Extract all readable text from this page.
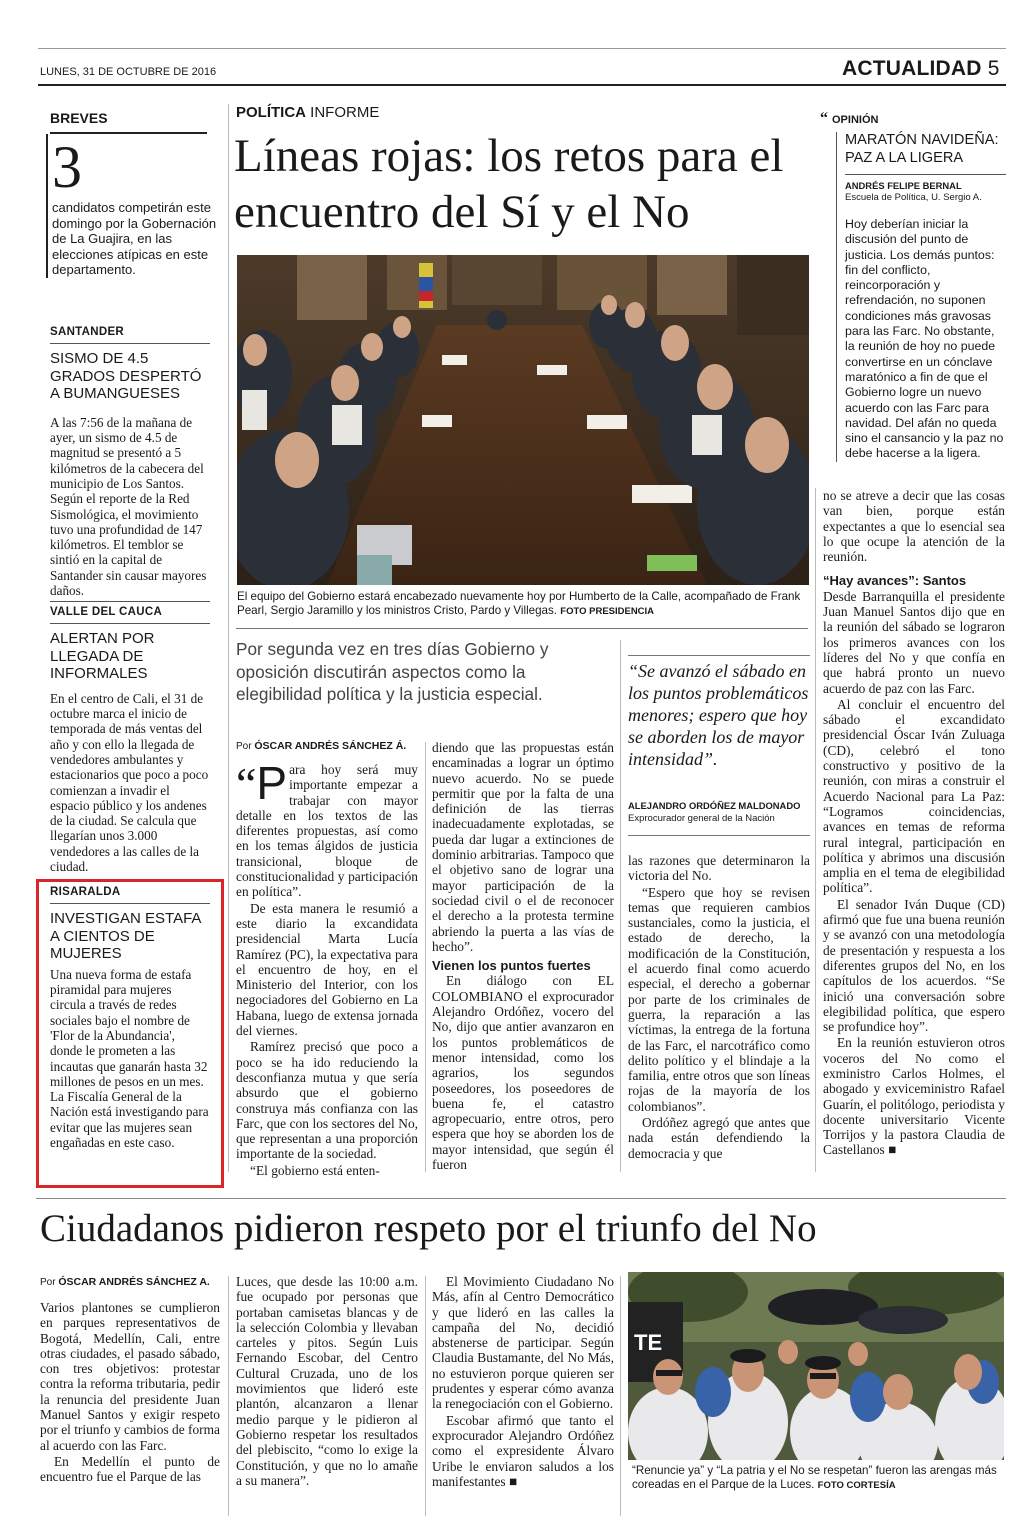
LUNES, 31 DE OCTUBRE DE 2016	ACTUALIDAD 5
BREVES
3
candidatos competirán este domingo por la Gobernación de La Guajira, en las elecciones atípicas en este departamento.
SANTANDER
SISMO DE 4.5 GRADOS DESPERTÓ A BUMANGUESES
A las 7:56 de la mañana de ayer, un sismo de 4.5 de magnitud se presentó a 5 kilómetros de la cabecera del municipio de Los Santos. Según el reporte de la Red Sismológica, el movimiento tuvo una profundidad de 147 kilómetros. El temblor se sintió en la capital de Santander sin causar mayores daños.
VALLE DEL CAUCA
ALERTAN POR LLEGADA DE INFORMALES
En el centro de Cali, el 31 de octubre marca el inicio de temporada de más ventas del año y con ello la llegada de vendedores ambulantes y estacionarios que poco a poco comienzan a invadir el espacio público y los andenes de la ciudad. Se calcula que llegarían unos 3.000 vendedores a las calles de la ciudad.
RISARALDA
INVESTIGAN ESTAFA A CIENTOS DE MUJERES
Una nueva forma de estafa piramidal para mujeres circula a través de redes sociales bajo el nombre de 'Flor de la Abundancia', donde le prometen a las incautas que ganarán hasta 32 millones de pesos en un mes. La Fiscalía General de la Nación está investigando para evitar que las mujeres sean engañadas en este caso.
POLÍTICA INFORME
Líneas rojas: los retos para el encuentro del Sí y el No
El equipo del Gobierno estará encabezado nuevamente hoy por Humberto de la Calle, acompañado de Frank Pearl, Sergio Jaramillo y los ministros Cristo, Pardo y Villegas. FOTO PRESIDENCIA
Por segunda vez en tres días Gobierno y oposición discutirán aspectos como la elegibilidad política y la justicia especial.
Por ÓSCAR ANDRÉS SÁNCHEZ Á.
“P ara hoy será muy importante empezar a trabajar con mayor detalle en los textos de las diferentes propuestas, así como en los temas álgidos de justicia transicional, bloque de constitucionalidad y participación en política”.

De esta manera le resumió a este diario la excandidata presidencial Marta Lucía Ramírez (PC), la expectativa para el encuentro de hoy, en el Ministerio del Interior, con los negociadores del Gobierno en La Habana, luego de extensa jornada del viernes.

Ramírez precisó que poco a poco se ha ido reduciendo la desconfianza mutua y que sería absurdo que el gobierno construya más confianza con las Farc, que con los sectores del No, que representan a una proporción importante de la sociedad.

“El gobierno está enten-

diendo que las propuestas están encaminadas a lograr un óptimo nuevo acuerdo. No se puede permitir que por la falta de una definición de las tierras inadecuadamente explotadas, se pueda dar lugar a extinciones de dominio arbitrarias. Tampoco que el objetivo sano de lograr una mayor participación de la sociedad civil o el de reconocer el derecho a la protesta termine abriendo la puerta a las vías de hecho”.

Vienen los puntos fuertes

En diálogo con EL COLOMBIANO el exprocurador Alejandro Ordóñez, vocero del No, dijo que antier avanzaron en los puntos problemáticos de menor intensidad, como los agrarios, los segundos poseedores, los poseedores de buena fe, el catastro agropecuario, entre otros, pero espera que hoy se aborden los de mayor intensidad, que según él fueron

“Se avanzó el sábado en los puntos problemáticos menores; espero que hoy se aborden los de mayor intensidad”.
ALEJANDRO ORDÓÑEZ MALDONADO
Exprocurador general de la Nación

las razones que determinaron la victoria del No.

“Espero que hoy se revisen temas que requieren cambios sustanciales, como la justicia, el estado de derecho, la modificación de la Constitución, el acuerdo final como acuerdo especial, el derecho a gobernar por parte de los criminales de guerra, la reparación a las víctimas, la entrega de la fortuna de las Farc, el narcotráfico como delito político y el blindaje a la familia, entre otros que son líneas rojas de la mayoría de los colombianos”.

Ordóñez agregó que antes que nada están defendiendo la democracia y que

“ OPINIÓN
MARATÓN NAVIDEÑA: PAZ A LA LIGERA
ANDRÉS FELIPE BERNAL
Escuela de Política, U. Sergio A.
Hoy deberían iniciar la discusión del punto de justicia. Los demás puntos: fin del conflicto, reincorporación y refrendación, no suponen condiciones más gravosas para las Farc. No obstante, la reunión de hoy no puede convertirse en un cónclave maratónico a fin de que el Gobierno logre un nuevo acuerdo con las Farc para navidad. Del afán no queda sino el cansancio y la paz no debe hacerse a la ligera.

no se atreve a decir que las cosas van bien, porque están expectantes a que lo esencial sea lo que ocupe la atención de la reunión.

“Hay avances”: Santos

Desde Barranquilla el presidente Juan Manuel Santos dijo que en la reunión del sábado se lograron los primeros avances con los líderes del No y que confía en que habrá pronto un nuevo acuerdo de paz con las Farc.

Al concluir el encuentro del sábado el excandidato presidencial Óscar Iván Zuluaga (CD), celebró el tono constructivo y positivo de la reunión, con miras a construir el Acuerdo Nacional para La Paz: “Logramos coincidencias, avances en temas de reforma rural integral, participación en política y abrimos una discusión amplia en el tema de elegibilidad política”.

El senador Iván Duque (CD) afirmó que fue una buena reunión y se avanzó con una metodología de presentación y respuesta a los diferentes grupos del No, en los capítulos de los acuerdos. “Se inició una conversación sobre elegibilidad política, que espero se profundice hoy”.

En la reunión estuvieron otros voceros del No como el exministro Carlos Holmes, el abogado y exviceministro Rafael Guarín, el politólogo, periodista y docente universitario Vicente Torrijos y la pastora Claudia de Castellanos ■

Ciudadanos pidieron respeto por el triunfo del No
Por ÓSCAR ANDRÉS SÁNCHEZ A.

Varios plantones se cumplieron en parques representativos de Bogotá, Medellín, Cali, entre otras ciudades, el pasado sábado, con tres objetivos: protestar contra la reforma tributaria, pedir la renuncia del presidente Juan Manuel Santos y exigir respeto por el triunfo y cambios de forma al acuerdo con las Farc.

En Medellín el punto de encuentro fue el Parque de las

Luces, que desde las 10:00 a.m. fue ocupado por personas que portaban camisetas blancas y de la selección Colombia y llevaban carteles y pitos. Según Luis Fernando Escobar, del Centro Cultural Cruzada, uno de los movimientos que lideró este plantón, alcanzaron a llenar medio parque y le pidieron al Gobierno respetar los resultados del plebiscito, “como lo exige la Constitución, y que no lo amañe a su manera”.

El Movimiento Ciudadano No Más, afín al Centro Democrático y que lideró en las calles la campaña del No, decidió abstenerse de participar. Según Claudia Bustamante, del No Más, no estuvieron porque quieren ser prudentes y esperar cómo avanza la renegociación con el Gobierno.

Escobar afirmó que tanto el exprocurador Alejandro Ordóñez como el expresidente Álvaro Uribe le enviaron saludos a los manifestantes ■

TE
“Renuncie ya” y “La patria y el No se respetan” fueron las arengas más coreadas en el Parque de la Luces. FOTO CORTESÍA
